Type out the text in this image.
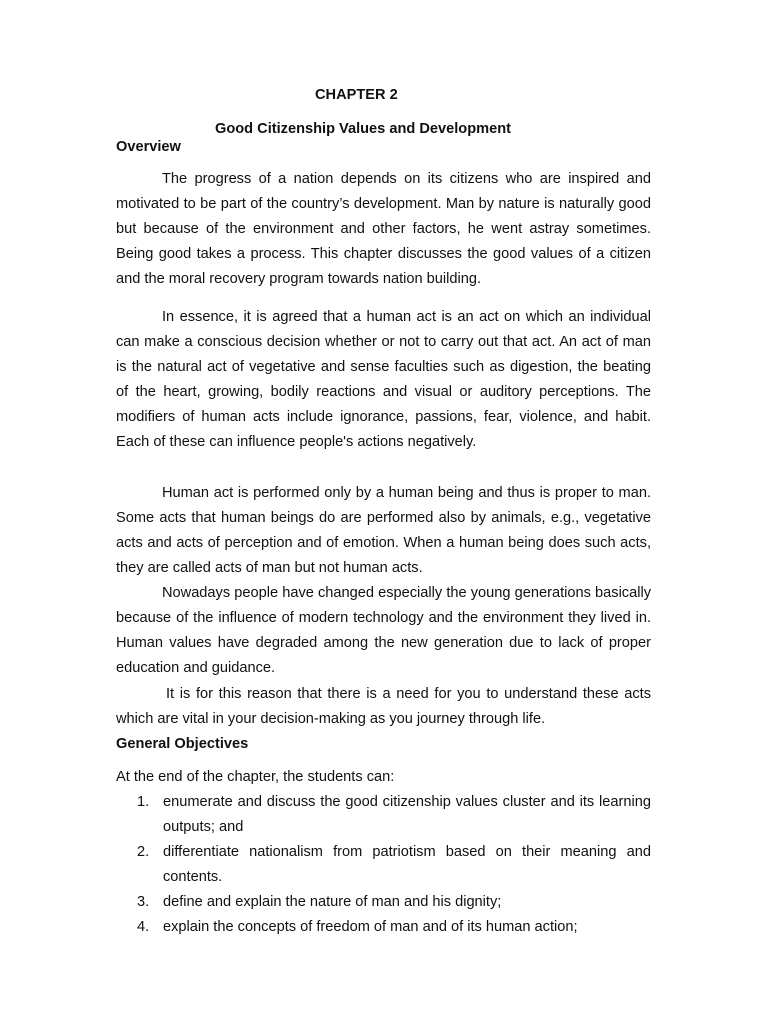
CHAPTER 2
Good Citizenship Values and Development
Overview

The progress of a nation depends on its citizens who are inspired and motivated to be part of the country’s development. Man by nature is naturally good but because of the environment and other factors, he went astray sometimes. Being good takes a process. This chapter discusses the good values of a citizen and the moral recovery program towards nation building.

In essence, it is agreed that a human act is an act on which an individual can make a conscious decision whether or not to carry out that act. An act of man is the natural act of vegetative and sense faculties such as digestion, the beating of the heart, growing, bodily reactions and visual or auditory perceptions. The modifiers of human acts include ignorance, passions, fear, violence, and habit. Each of these can influence people's actions negatively.

Human act is performed only by a human being and thus is proper to man. Some acts that human beings do are performed also by animals, e.g., vegetative acts and acts of perception and of emotion. When a human being does such acts, they are called acts of man but not human acts.

Nowadays people have changed especially the young generations basically because of the influence of modern technology and the environment they lived in. Human values have degraded among the new generation due to lack of proper education and guidance.

It is for this reason that there is a need for you to understand these acts which are vital in your decision-making as you journey through life.

General Objectives

At the end of the chapter, the students can:

1. enumerate and discuss the good citizenship values cluster and its learning outputs; and
2. differentiate nationalism from patriotism based on their meaning and contents.
3. define and explain the nature of man and his dignity;
4. explain the concepts of freedom of man and of its human action;
